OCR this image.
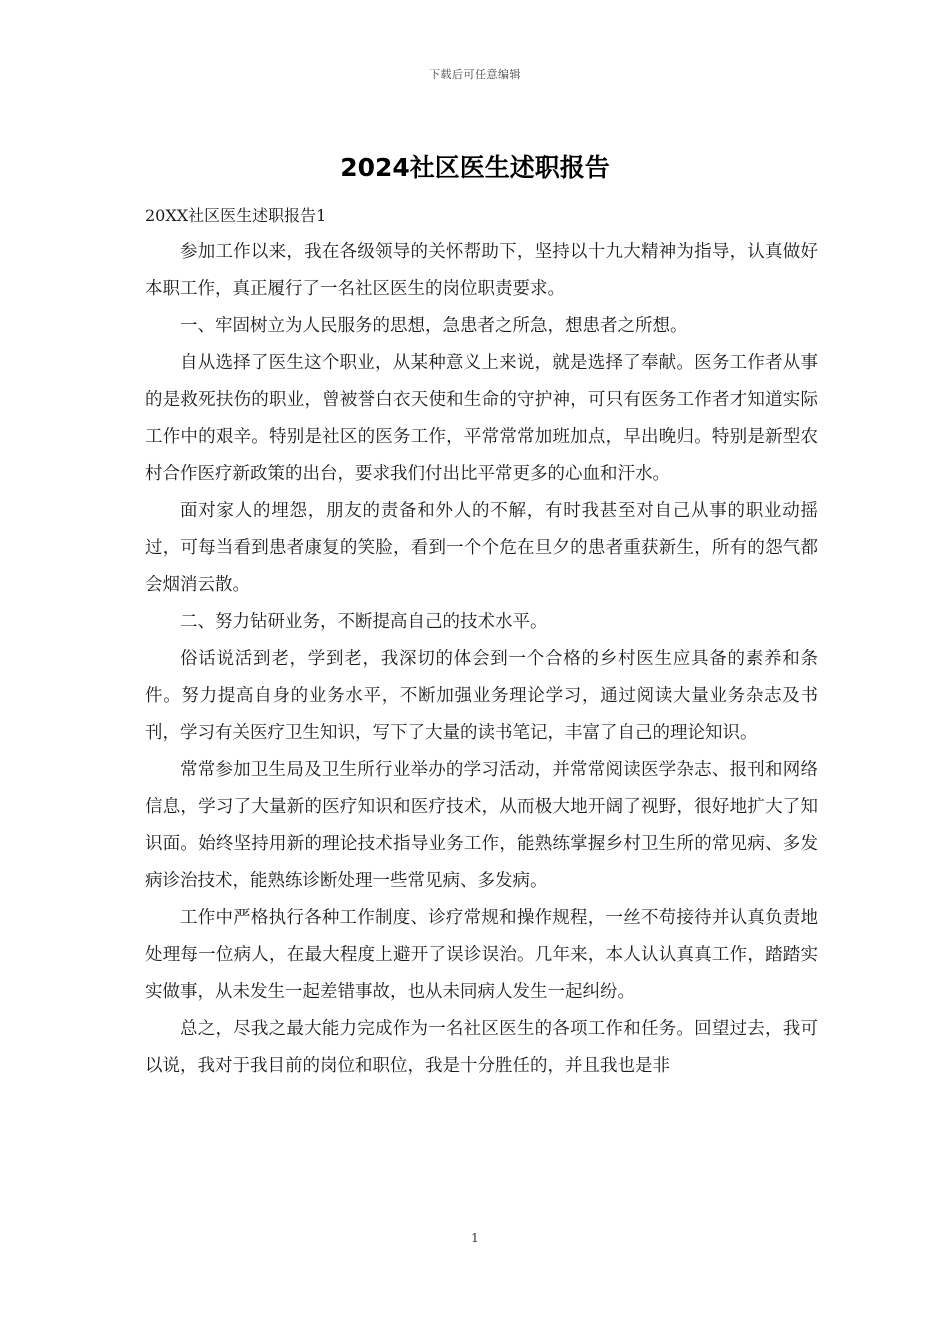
下载后可任意编辑
2024社区医生述职报告

20XX社区医生述职报告1

参加工作以来，我在各级领导的关怀帮助下，坚持以十九大精神为指导，认真做好本职工作，真正履行了一名社区医生的岗位职责要求。

一、牢固树立为人民服务的思想，急患者之所急，想患者之所想。

自从选择了医生这个职业，从某种意义上来说，就是选择了奉献。医务工作者从事的是救死扶伤的职业，曾被誉白衣天使和生命的守护神，可只有医务工作者才知道实际工作中的艰辛。特别是社区的医务工作，平常常常加班加点，早出晚归。特别是新型农村合作医疗新政策的出台，要求我们付出比平常更多的心血和汗水。

面对家人的埋怨，朋友的责备和外人的不解，有时我甚至对自己从事的职业动摇过，可每当看到患者康复的笑脸，看到一个个危在旦夕的患者重获新生，所有的怨气都会烟消云散。

二、努力钻研业务，不断提高自己的技术水平。

俗话说活到老，学到老，我深切的体会到一个合格的乡村医生应具备的素养和条件。努力提高自身的业务水平，不断加强业务理论学习，通过阅读大量业务杂志及书刊，学习有关医疗卫生知识，写下了大量的读书笔记，丰富了自己的理论知识。

常常参加卫生局及卫生所行业举办的学习活动，并常常阅读医学杂志、报刊和网络信息，学习了大量新的医疗知识和医疗技术，从而极大地开阔了视野，很好地扩大了知识面。始终坚持用新的理论技术指导业务工作，能熟练掌握乡村卫生所的常见病、多发病诊治技术，能熟练诊断处理一些常见病、多发病。

工作中严格执行各种工作制度、诊疗常规和操作规程，一丝不苟接待并认真负责地处理每一位病人，在最大程度上避开了误诊误治。几年来，本人认认真真工作，踏踏实实做事，从未发生一起差错事故，也从未同病人发生一起纠纷。

总之，尽我之最大能力完成作为一名社区医生的各项工作和任务。回望过去，我可以说，我对于我目前的岗位和职位，我是十分胜任的，并且我也是非

1
